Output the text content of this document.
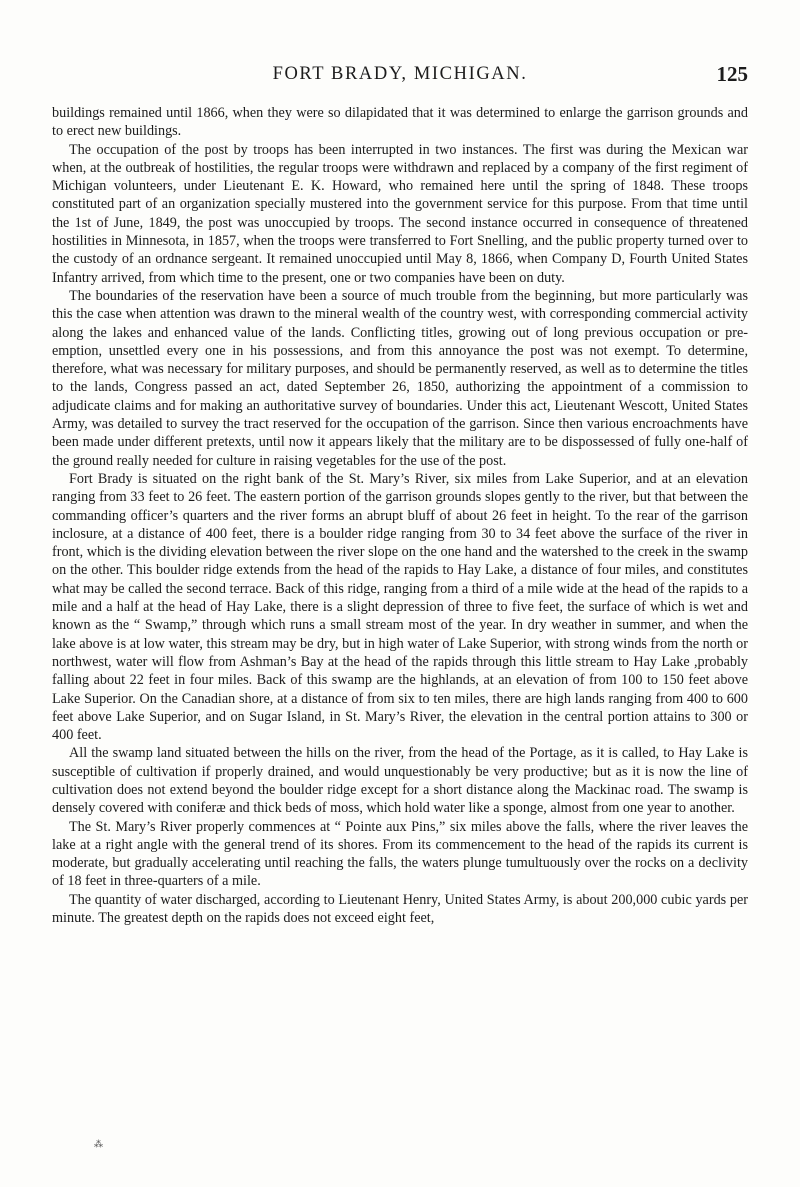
FORT BRADY, MICHIGAN.	125

buildings remained until 1866, when they were so dilapidated that it was determined to enlarge the garrison grounds and to erect new buildings.

The occupation of the post by troops has been interrupted in two instances. The first was during the Mexican war when, at the outbreak of hostilities, the regular troops were withdrawn and replaced by a company of the first regiment of Michigan volunteers, under Lieutenant E. K. Howard, who remained here until the spring of 1848. These troops constituted part of an organization specially mustered into the government service for this purpose. From that time until the 1st of June, 1849, the post was unoccupied by troops. The second instance occurred in consequence of threatened hostilities in Minnesota, in 1857, when the troops were transferred to Fort Snelling, and the public property turned over to the custody of an ordnance sergeant. It remained unoccupied until May 8, 1866, when Company D, Fourth United States Infantry arrived, from which time to the present, one or two companies have been on duty.

The boundaries of the reservation have been a source of much trouble from the beginning, but more particularly was this the case when attention was drawn to the mineral wealth of the country west, with corresponding commercial activity along the lakes and enhanced value of the lands. Conflicting titles, growing out of long previous occupation or pre-emption, unsettled every one in his possessions, and from this annoyance the post was not exempt. To determine, therefore, what was necessary for military purposes, and should be permanently reserved, as well as to determine the titles to the lands, Congress passed an act, dated September 26, 1850, authorizing the appointment of a commission to adjudicate claims and for making an authoritative survey of boundaries. Under this act, Lieutenant Wescott, United States Army, was detailed to survey the tract reserved for the occupation of the garrison. Since then various encroachments have been made under different pretexts, until now it appears likely that the military are to be dispossessed of fully one-half of the ground really needed for culture in raising vegetables for the use of the post.

Fort Brady is situated on the right bank of the St. Mary’s River, six miles from Lake Superior, and at an elevation ranging from 33 feet to 26 feet. The eastern portion of the garrison grounds slopes gently to the river, but that between the commanding officer’s quarters and the river forms an abrupt bluff of about 26 feet in height. To the rear of the garrison inclosure, at a distance of 400 feet, there is a boulder ridge ranging from 30 to 34 feet above the surface of the river in front, which is the dividing elevation between the river slope on the one hand and the watershed to the creek in the swamp on the other. This boulder ridge extends from the head of the rapids to Hay Lake, a distance of four miles, and constitutes what may be called the second terrace. Back of this ridge, ranging from a third of a mile wide at the head of the rapids to a mile and a half at the head of Hay Lake, there is a slight depression of three to five feet, the surface of which is wet and known as the “ Swamp,” through which runs a small stream most of the year. In dry weather in summer, and when the lake above is at low water, this stream may be dry, but in high water of Lake Superior, with strong winds from the north or northwest, water will flow from Ashman’s Bay at the head of the rapids through this little stream to Hay Lake ,probably falling about 22 feet in four miles. Back of this swamp are the highlands, at an elevation of from 100 to 150 feet above Lake Superior. On the Canadian shore, at a distance of from six to ten miles, there are high lands ranging from 400 to 600 feet above Lake Superior, and on Sugar Island, in St. Mary’s River, the elevation in the central portion attains to 300 or 400 feet.

All the swamp land situated between the hills on the river, from the head of the Portage, as it is called, to Hay Lake is susceptible of cultivation if properly drained, and would unquestionably be very productive; but as it is now the line of cultivation does not extend beyond the boulder ridge except for a short distance along the Mackinac road. The swamp is densely covered with coniferæ and thick beds of moss, which hold water like a sponge, almost from one year to another.

The St. Mary’s River properly commences at “ Pointe aux Pins,” six miles above the falls, where the river leaves the lake at a right angle with the general trend of its shores. From its commencement to the head of the rapids its current is moderate, but gradually accelerating until reaching the falls, the waters plunge tumultuously over the rocks on a declivity of 18 feet in three-quarters of a mile.

The quantity of water discharged, according to Lieutenant Henry, United States Army, is about 200,000 cubic yards per minute. The greatest depth on the rapids does not exceed eight feet,

⁂
